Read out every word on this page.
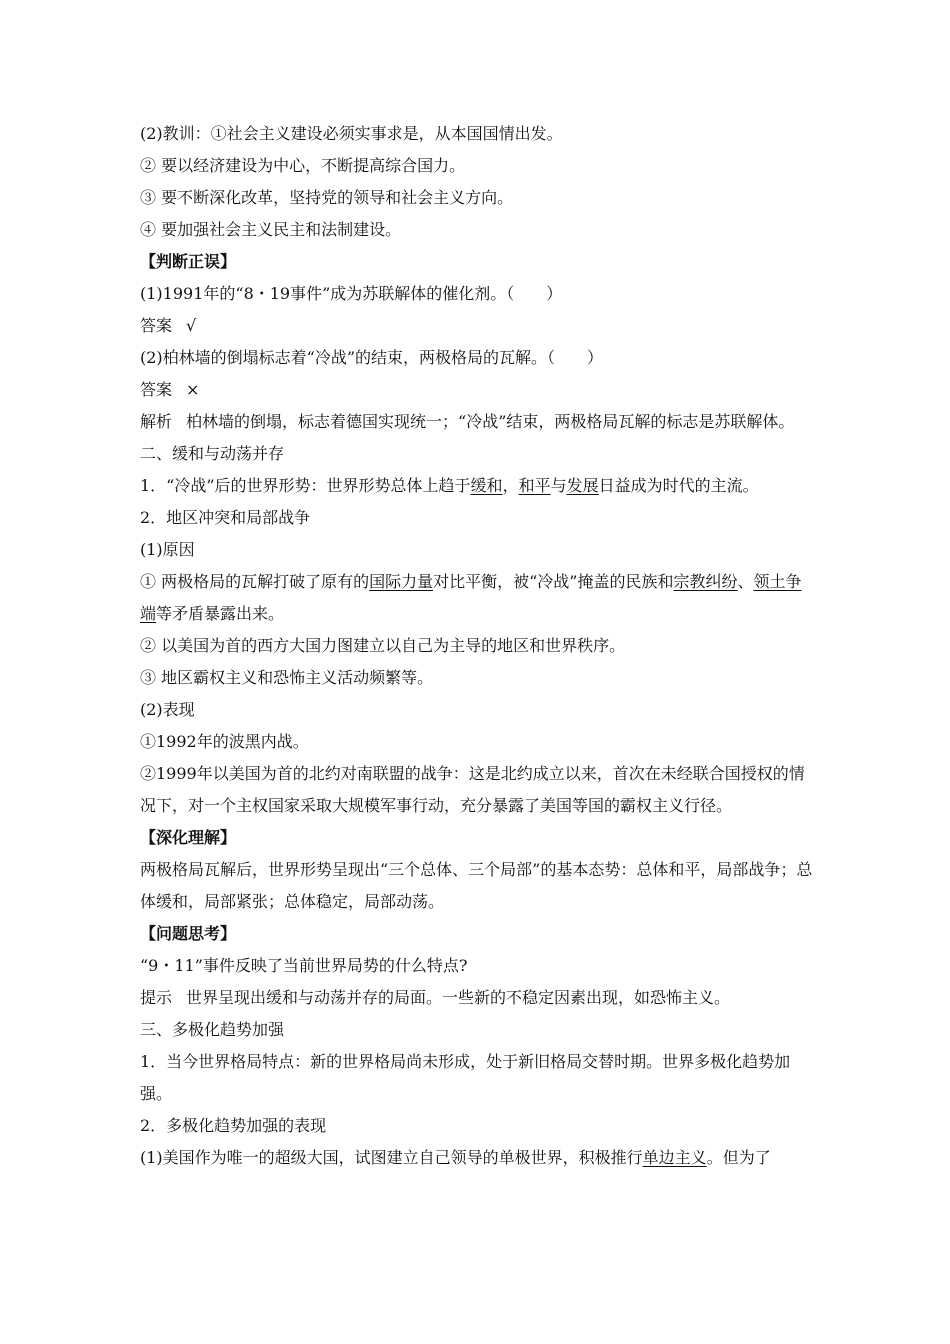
(2)教训：①社会主义建设必须实事求是，从本国国情出发。
② 要以经济建设为中心，不断提高综合国力。
③ 要不断深化改革，坚持党的领导和社会主义方向。
④ 要加强社会主义民主和法制建设。
【判断正误】
(1)1991年的“8・19事件”成为苏联解体的催化剂。（　　）
答案 √
(2)柏林墙的倒塌标志着“冷战”的结束，两极格局的瓦解。（　　）
答案 ×
解析 柏林墙的倒塌，标志着德国实现统一；“冷战”结束，两极格局瓦解的标志是苏联解体。
二、缓和与动荡并存
1．“冷战”后的世界形势：世界形势总体上趋于缓和，和平与发展日益成为时代的主流。
2．地区冲突和局部战争
(1)原因
① 两极格局的瓦解打破了原有的国际力量对比平衡，被“冷战”掩盖的民族和宗教纠纷、领土争端等矛盾暴露出来。
② 以美国为首的西方大国力图建立以自己为主导的地区和世界秩序。
③ 地区霸权主义和恐怖主义活动频繁等。
(2)表现
①1992年的波黑内战。
②1999年以美国为首的北约对南联盟的战争：这是北约成立以来，首次在未经联合国授权的情况下，对一个主权国家采取大规模军事行动，充分暴露了美国等国的霸权主义行径。
【深化理解】
两极格局瓦解后，世界形势呈现出“三个总体、三个局部”的基本态势：总体和平，局部战争；总体缓和，局部紧张；总体稳定，局部动荡。
【问题思考】
“9・11”事件反映了当前世界局势的什么特点?
提示 世界呈现出缓和与动荡并存的局面。一些新的不稳定因素出现，如恐怖主义。
三、多极化趋势加强
1．当今世界格局特点：新的世界格局尚未形成，处于新旧格局交替时期。世界多极化趋势加强。
2．多极化趋势加强的表现
(1)美国作为唯一的超级大国，试图建立自己领导的单极世界，积极推行单边主义。但为了
